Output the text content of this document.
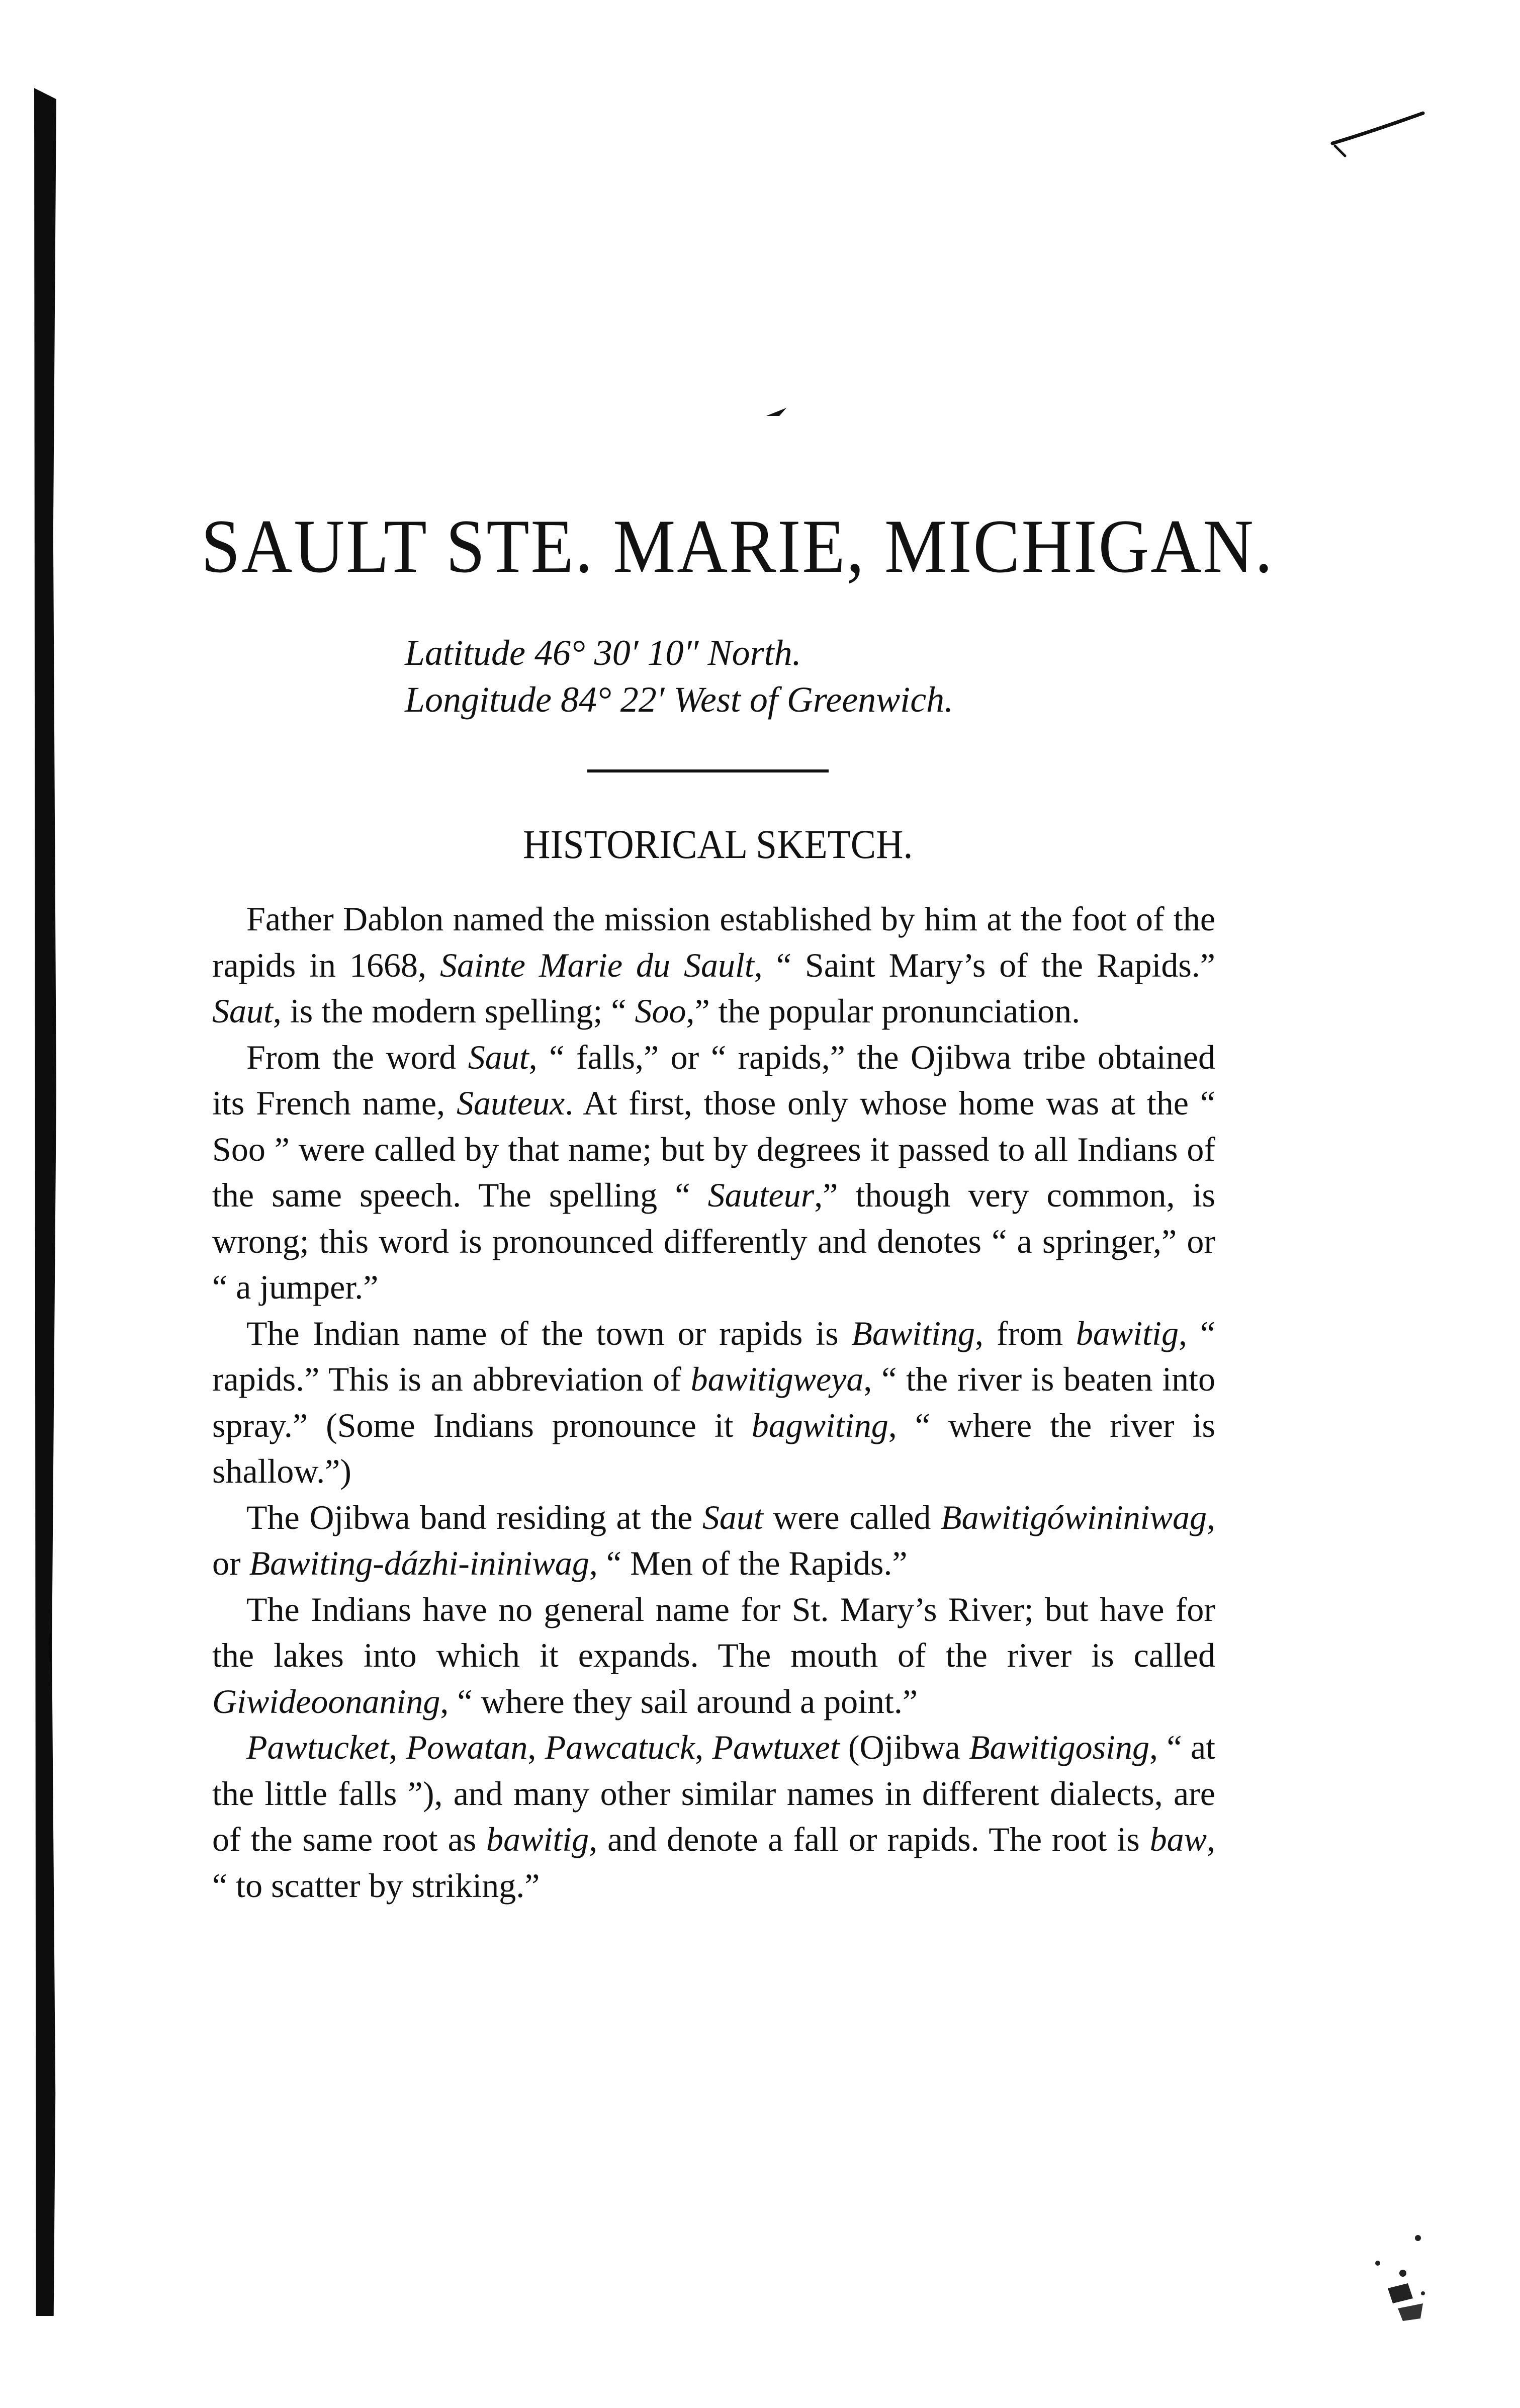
SAULT STE. MARIE, MICHIGAN.

Latitude 46° 30′ 10″ North.

Longitude 84° 22′ West of Greenwich.

HISTORICAL SKETCH.

Father Dablon named the mission established by him at the foot of the rapids in 1668, Sainte Marie du Sault, “ Saint Mary’s of the Rapids.” Saut, is the modern spelling; “ Soo,” the popular pronunciation.

From the word Saut, “ falls,” or “ rapids,” the Ojibwa tribe obtained its French name, Sauteux. At first, those only whose home was at the “ Soo ” were called by that name; but by degrees it passed to all Indians of the same speech. The spelling “ Sauteur,” though very common, is wrong; this word is pronounced differently and denotes “ a springer,” or “ a jumper.”

The Indian name of the town or rapids is Bawiting, from bawitig, “ rapids.” This is an abbreviation of bawitigweya, “ the river is beaten into spray.” (Some Indians pronounce it bagwiting, “ where the river is shallow.”)

The Ojibwa band residing at the Saut were called Bawitigówininiwag, or Bawiting-dázhi-ininiwag, “ Men of the Rapids.”

The Indians have no general name for St. Mary’s River; but have for the lakes into which it expands. The mouth of the river is called Giwideoonaning, “ where they sail around a point.”

Pawtucket, Powatan, Pawcatuck, Pawtuxet (Ojibwa Bawitigosing, “ at the little falls ”), and many other similar names in different dialects, are of the same root as bawitig, and denote a fall or rapids. The root is baw, “ to scatter by striking.”
